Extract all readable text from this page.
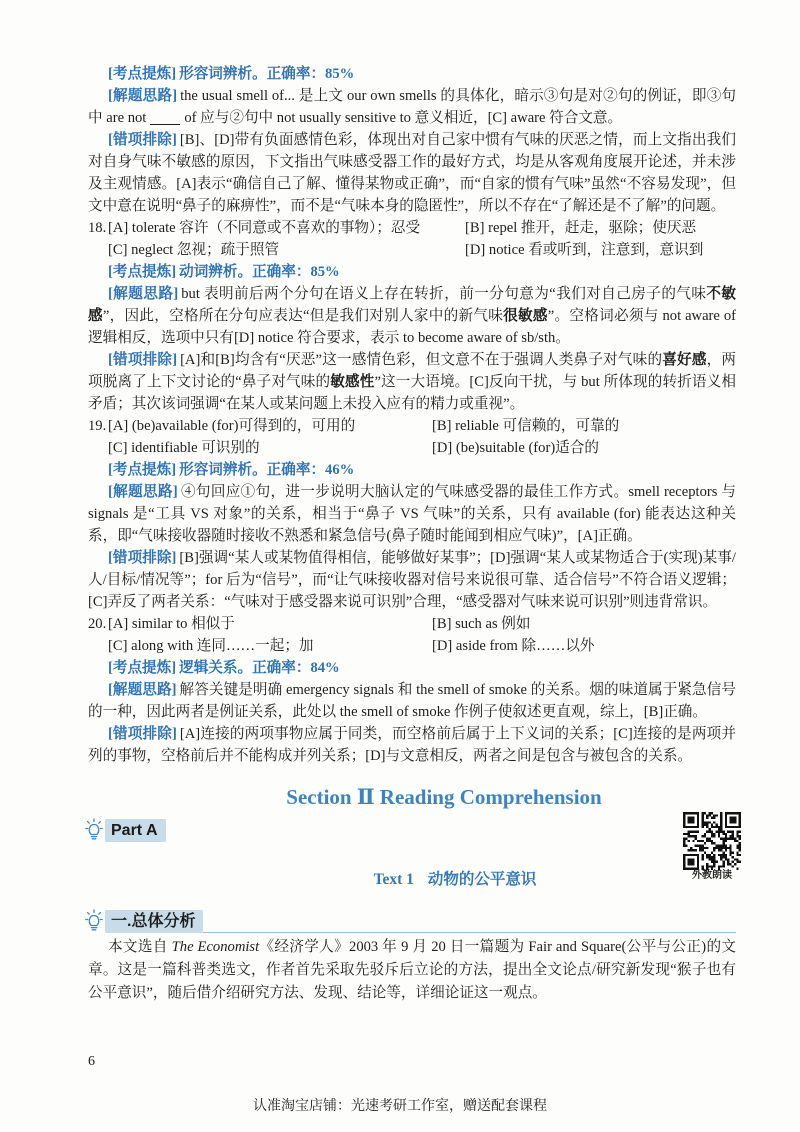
[考点提炼] 形容词辨析。正确率：85%

[解题思路] the usual smell of... 是上文 our own smells 的具体化，暗示③句是对②句的例证，即③句中 are not	of 应与②句中 not usually sensitive to 意义相近，[C] aware 符合文意。

[错项排除] [B]、[D]带有负面感情色彩，体现出对自己家中惯有气味的厌恶之情，而上文指出我们对自身气味不敏感的原因，下文指出气味感受器工作的最好方式，均是从客观角度展开论述，并未涉及主观情感。[A]表示“确信自己了解、懂得某物或正确”，而“自家的惯有气味”虽然“不容易发现”，但文中意在说明“鼻子的麻痹性”，而不是“气味本身的隐匿性”，所以不存在“了解还是不了解”的问题。

18. [A] tolerate 容许（不同意或不喜欢的事物）；忍受	[B] repel 推开，赶走，驱除；使厌恶
[C] neglect 忽视；疏于照管	[D] notice 看或听到，注意到，意识到

[考点提炼] 动词辨析。正确率：85%

[解题思路] but 表明前后两个分句在语义上存在转折，前一分句意为“我们对自己房子的气味不敏感”，因此，空格所在分句应表达“但是我们对别人家中的新气味很敏感”。空格词必须与 not aware of 逻辑相反，选项中只有[D] notice 符合要求，表示 to become aware of sb/sth。

[错项排除] [A]和[B]均含有“厌恶”这一感情色彩，但文意不在于强调人类鼻子对气味的喜好感，两项脱离了上下文讨论的“鼻子对气味的敏感性”这一大语境。[C]反向干扰，与 but 所体现的转折语义相矛盾；其次该词强调“在某人或某问题上未投入应有的精力或重视”。

19. [A] (be)available (for)可得到的，可用的	[B] reliable 可信赖的，可靠的
[C] identifiable 可识别的	[D] (be)suitable (for)适合的

[考点提炼] 形容词辨析。正确率：46%

[解题思路] ④句回应①句，进一步说明大脑认定的气味感受器的最佳工作方式。smell receptors 与 signals 是“工具 VS 对象”的关系，相当于“鼻子 VS 气味”的关系，只有 available (for) 能表达这种关系，即“气味接收器随时接收不熟悉和紧急信号(鼻子随时能闻到相应气味)”，[A]正确。

[错项排除] [B]强调“某人或某物值得相信，能够做好某事”；[D]强调“某人或某物适合于(实现)某事/人/目标/情况等”；for 后为“信号”，而“让气味接收器对信号来说很可靠、适合信号”不符合语义逻辑；[C]弄反了两者关系：“气味对于感受器来说可识别”合理，“感受器对气味来说可识别”则违背常识。

20. [A] similar to 相似于	[B] such as 例如
[C] along with 连同……一起；加	[D] aside from 除……以外

[考点提炼] 逻辑关系。正确率：84%

[解题思路] 解答关键是明确 emergency signals 和 the smell of smoke 的关系。烟的味道属于紧急信号的一种，因此两者是例证关系，此处以 the smell of smoke 作例子使叙述更直观，综上，[B]正确。

[错项排除] [A]连接的两项事物应属于同类，而空格前后属于上下义词的关系；[C]连接的是两项并列的事物，空格前后并不能构成并列关系；[D]与文意相反，两者之间是包含与被包含的关系。

Section Ⅱ Reading Comprehension
Part A
外教朗读
Text 1 动物的公平意识
一.总体分析

本文选自 The Economist《经济学人》2003 年 9 月 20 日一篇题为 Fair and Square(公平与公正)的文章。这是一篇科普类选文，作者首先采取先驳斥后立论的方法，提出全文论点/研究新发现“猴子也有公平意识”，随后借介绍研究方法、发现、结论等，详细论证这一观点。

6
认准淘宝店铺：光速考研工作室，赠送配套课程
